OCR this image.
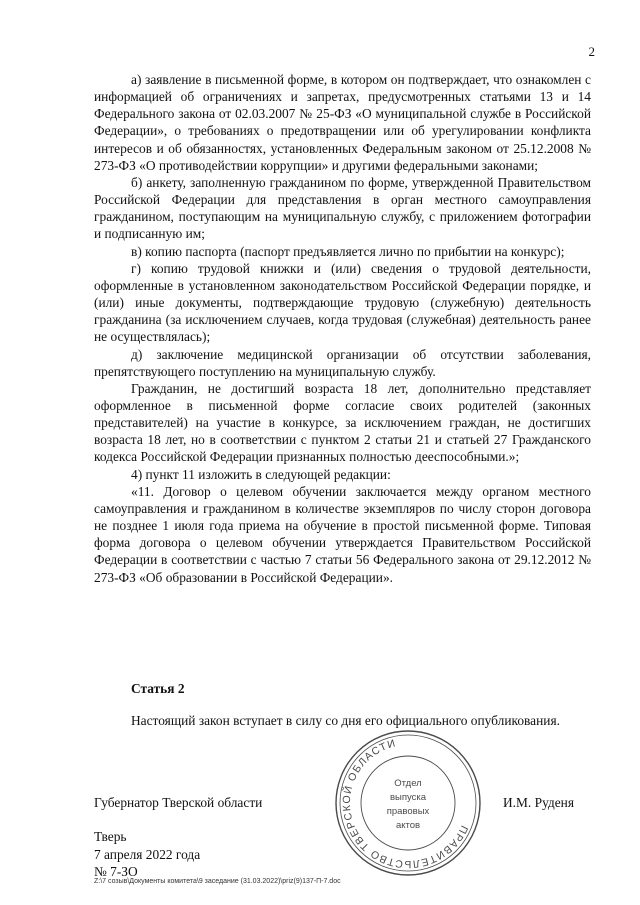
2

а) заявление в письменной форме, в котором он подтверждает, что ознакомлен с информацией об ограничениях и запретах, предусмотренных статьями 13 и 14 Федерального закона от 02.03.2007 № 25-ФЗ «О муниципальной службе в Российской Федерации», о требованиях о предотвращении или об урегулировании конфликта интересов и об обязанностях, установленных Федеральным законом от 25.12.2008 № 273-ФЗ «О противодействии коррупции» и другими федеральными законами;

б) анкету, заполненную гражданином по форме, утвержденной Правительством Российской Федерации для представления в орган местного самоуправления гражданином, поступающим на муниципальную службу, с приложением фотографии и подписанную им;

в) копию паспорта (паспорт предъявляется лично по прибытии на конкурс);

г) копию трудовой книжки и (или) сведения о трудовой деятельности, оформленные в установленном законодательством Российской Федерации порядке, и (или) иные документы, подтверждающие трудовую (служебную) деятельность гражданина (за исключением случаев, когда трудовая (служебная) деятельность ранее не осуществлялась);

д) заключение медицинской организации об отсутствии заболевания, препятствующего поступлению на муниципальную службу.

Гражданин, не достигший возраста 18 лет, дополнительно представляет оформленное в письменной форме согласие своих родителей (законных представителей) на участие в конкурсе, за исключением граждан, не достигших возраста 18 лет, но в соответствии с пунктом 2 статьи 21 и статьей 27 Гражданского кодекса Российской Федерации признанных полностью дееспособными.»;

4) пункт 11 изложить в следующей редакции:

«11. Договор о целевом обучении заключается между органом местного самоуправления и гражданином в количестве экземпляров по числу сторон договора не позднее 1 июля года приема на обучение в простой письменной форме. Типовая форма договора о целевом обучении утверждается Правительством Российской Федерации в соответствии с частью 7 статьи 56 Федерального закона от 29.12.2012 № 273-ФЗ «Об образовании в Российской Федерации».

Статья 2

Настоящий закон вступает в силу со дня его официального опубликования.

Губернатор Тверской области	И.М. Руденя
Тверь
7 апреля 2022 года
№ 7-ЗО
Z:\7 созыв\Документы комитета\9 заседание (31.03.2022)\priz(9)137-П-7.doc
ПРАВИТЕЛЬСТВО ТВЕРСКОЙ ОБЛАСТИ
Отдел
выпуска
правовых
актов
